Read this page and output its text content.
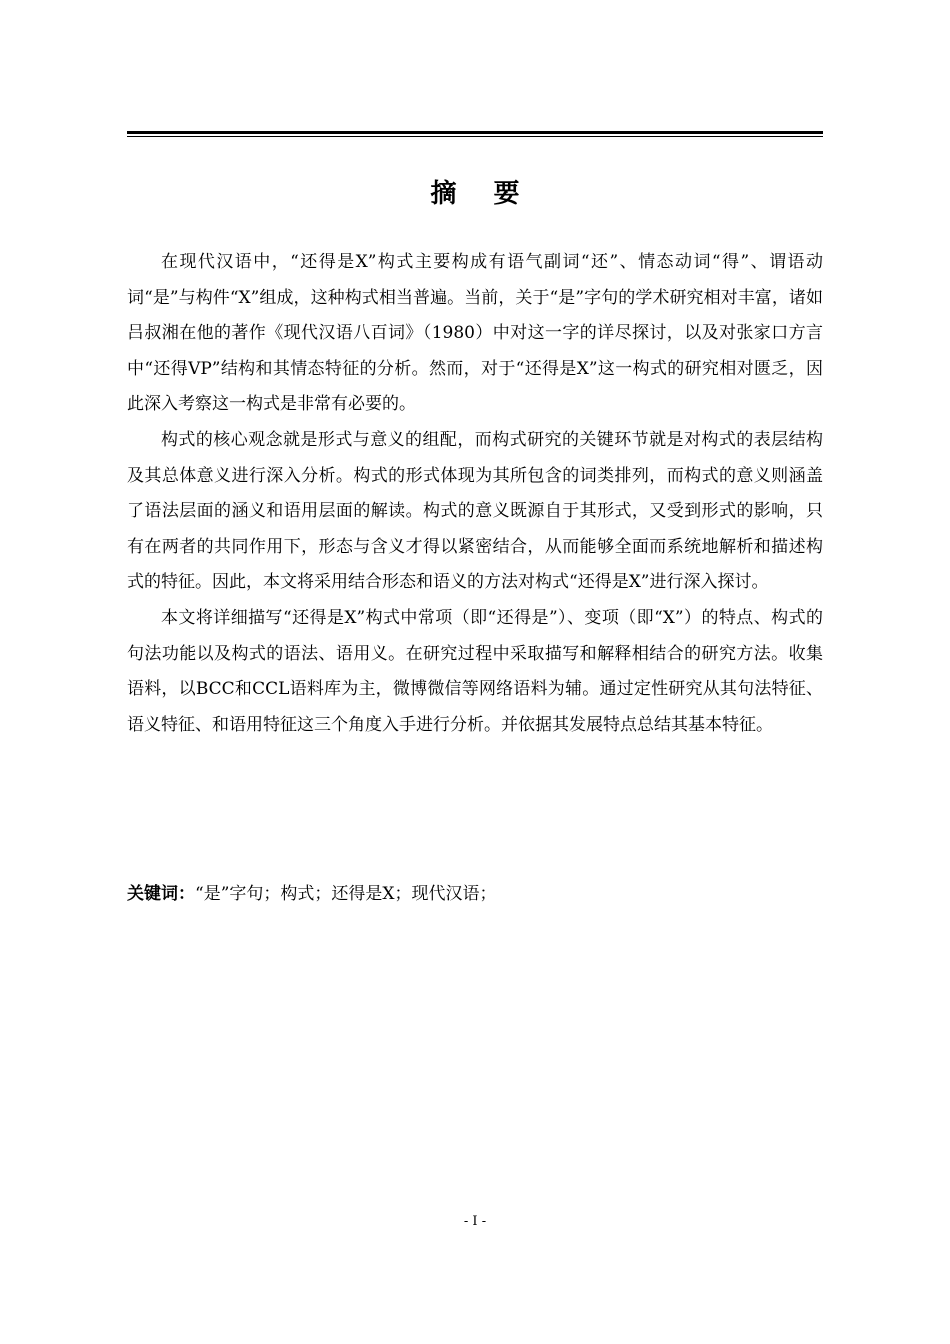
摘 要

在现代汉语中，“还得是X”构式主要构成有语气副词“还”、情态动词“得”、谓语动词“是”与构件“X”组成，这种构式相当普遍。当前，关于“是”字句的学术研究相对丰富，诸如吕叔湘在他的著作《现代汉语八百词》（1980）中对这一字的详尽探讨，以及对张家口方言中“还得VP”结构和其情态特征的分析。然而，对于“还得是X”这一构式的研究相对匮乏，因此深入考察这一构式是非常有必要的。

构式的核心观念就是形式与意义的组配，而构式研究的关键环节就是对构式的表层结构及其总体意义进行深入分析。构式的形式体现为其所包含的词类排列，而构式的意义则涵盖了语法层面的涵义和语用层面的解读。构式的意义既源自于其形式，又受到形式的影响，只有在两者的共同作用下，形态与含义才得以紧密结合，从而能够全面而系统地解析和描述构式的特征。因此，本文将采用结合形态和语义的方法对构式“还得是X”进行深入探讨。

本文将详细描写“还得是X”构式中常项（即“还得是”）、变项（即“X”）的特点、构式的句法功能以及构式的语法、语用义。在研究过程中采取描写和解释相结合的研究方法。收集语料，以BCC和CCL语料库为主，微博微信等网络语料为辅。通过定性研究从其句法特征、语义特征、和语用特征这三个角度入手进行分析。并依据其发展特点总结其基本特征。

关键词：“是”字句；构式；还得是X；现代汉语；

- I -
